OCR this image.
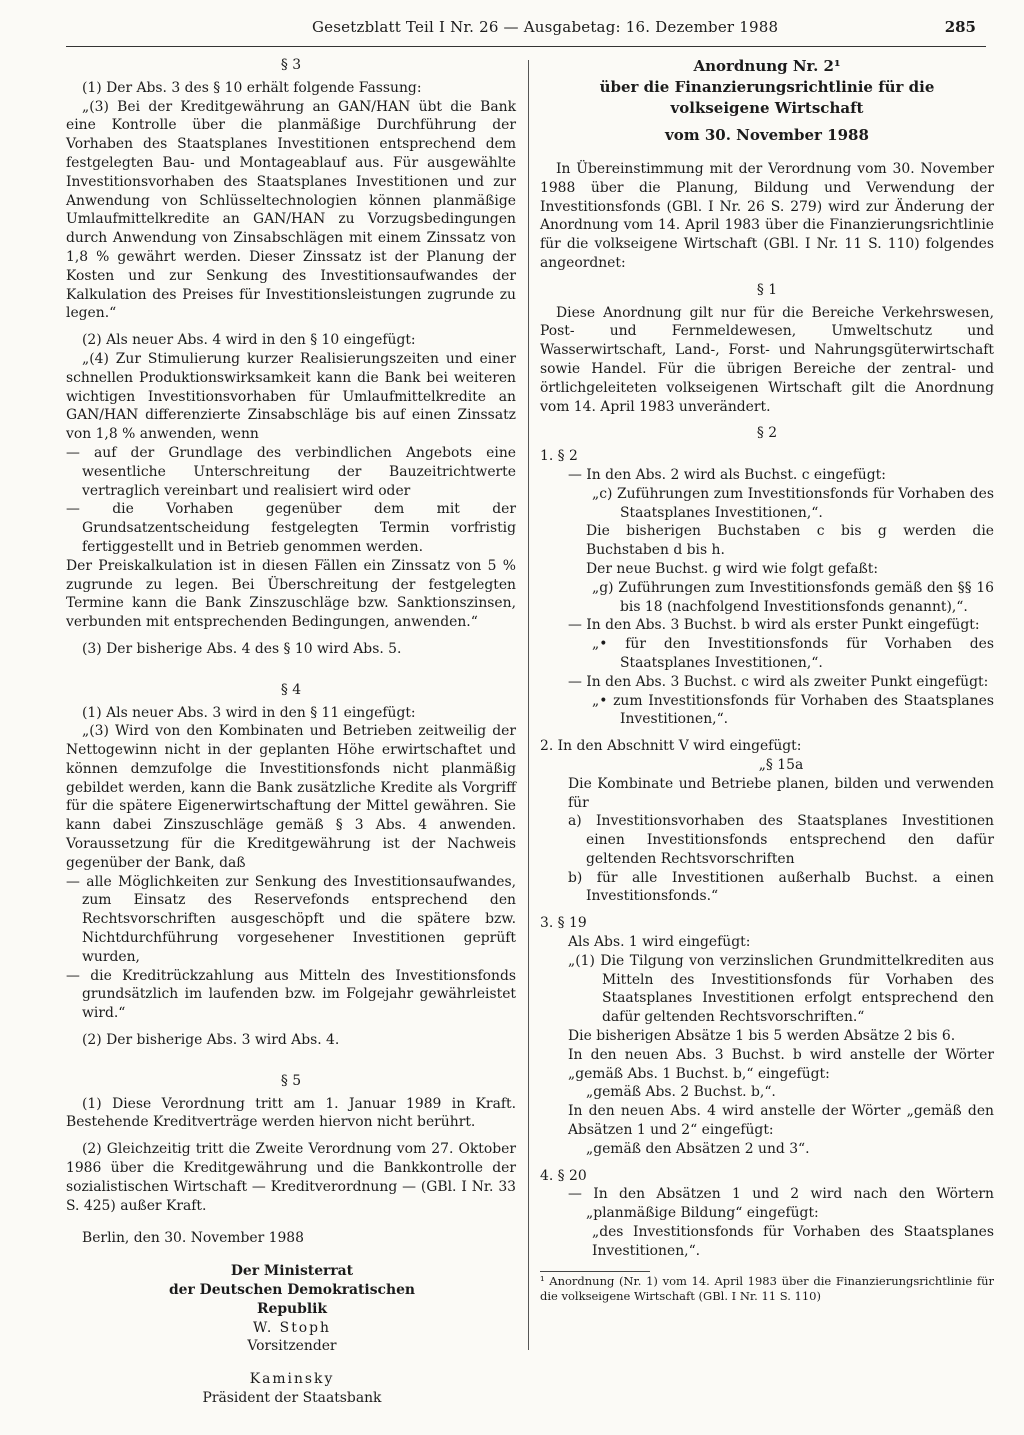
Gesetzblatt Teil I Nr. 26 — Ausgabetag: 16. Dezember 1988	285

§ 3

(1) Der Abs. 3 des § 10 erhält folgende Fassung:

„(3) Bei der Kreditgewährung an GAN/HAN übt die Bank eine Kontrolle über die planmäßige Durchführung der Vorhaben des Staatsplanes Investitionen entsprechend dem festgelegten Bau- und Montageablauf aus. Für ausgewählte Investitionsvorhaben des Staatsplanes Investitionen und zur Anwendung von Schlüsseltechnologien können planmäßige Umlaufmittelkredite an GAN/HAN zu Vorzugsbedingungen durch Anwendung von Zinsabschlägen mit einem Zinssatz von 1,8 % gewährt werden. Dieser Zinssatz ist der Planung der Kosten und zur Senkung des Investitionsaufwandes der Kalkulation des Preises für Investitionsleistungen zugrunde zu legen.“

(2) Als neuer Abs. 4 wird in den § 10 eingefügt:

„(4) Zur Stimulierung kurzer Realisierungszeiten und einer schnellen Produktionswirksamkeit kann die Bank bei weiteren wichtigen Investitionsvorhaben für Umlaufmittelkredite an GAN/HAN differenzierte Zinsabschläge bis auf einen Zinssatz von 1,8 % anwenden, wenn

— auf der Grundlage des verbindlichen Angebots eine wesentliche Unterschreitung der Bauzeitrichtwerte vertraglich vereinbart und realisiert wird oder

— die Vorhaben gegenüber dem mit der Grundsatzentscheidung festgelegten Termin vorfristig fertiggestellt und in Betrieb genommen werden.

Der Preiskalkulation ist in diesen Fällen ein Zinssatz von 5 % zugrunde zu legen. Bei Überschreitung der festgelegten Termine kann die Bank Zinszuschläge bzw. Sanktionszinsen, verbunden mit entsprechenden Bedingungen, anwenden.“

(3) Der bisherige Abs. 4 des § 10 wird Abs. 5.

§ 4

(1) Als neuer Abs. 3 wird in den § 11 eingefügt:

„(3) Wird von den Kombinaten und Betrieben zeitweilig der Nettogewinn nicht in der geplanten Höhe erwirtschaftet und können demzufolge die Investitionsfonds nicht planmäßig gebildet werden, kann die Bank zusätzliche Kredite als Vorgriff für die spätere Eigenerwirtschaftung der Mittel gewähren. Sie kann dabei Zinszuschläge gemäß § 3 Abs. 4 anwenden. Voraussetzung für die Kreditgewährung ist der Nachweis gegenüber der Bank, daß

— alle Möglichkeiten zur Senkung des Investitionsaufwandes, zum Einsatz des Reservefonds entsprechend den Rechtsvorschriften ausgeschöpft und die spätere bzw. Nichtdurchführung vorgesehener Investitionen geprüft wurden,

— die Kreditrückzahlung aus Mitteln des Investitionsfonds grundsätzlich im laufenden bzw. im Folgejahr gewährleistet wird.“

(2) Der bisherige Abs. 3 wird Abs. 4.

§ 5

(1) Diese Verordnung tritt am 1. Januar 1989 in Kraft. Bestehende Kreditverträge werden hiervon nicht berührt.

(2) Gleichzeitig tritt die Zweite Verordnung vom 27. Oktober 1986 über die Kreditgewährung und die Bankkontrolle der sozialistischen Wirtschaft — Kreditverordnung — (GBl. I Nr. 33 S. 425) außer Kraft.

Berlin, den 30. November 1988

Der Ministerrat

der Deutschen Demokratischen Republik

W. Stoph

Vorsitzender

Kaminsky

Präsident der Staatsbank

Anordnung Nr. 2¹

über die Finanzierungsrichtlinie für die

volkseigene Wirtschaft

vom 30. November 1988

In Übereinstimmung mit der Verordnung vom 30. November 1988 über die Planung, Bildung und Verwendung der Investitionsfonds (GBl. I Nr. 26 S. 279) wird zur Änderung der Anordnung vom 14. April 1983 über die Finanzierungsrichtlinie für die volkseigene Wirtschaft (GBl. I Nr. 11 S. 110) folgendes angeordnet:

§ 1

Diese Anordnung gilt nur für die Bereiche Verkehrswesen, Post- und Fernmeldewesen, Umweltschutz und Wasserwirtschaft, Land-, Forst- und Nahrungsgüterwirtschaft sowie Handel. Für die übrigen Bereiche der zentral- und örtlichgeleiteten volkseigenen Wirtschaft gilt die Anordnung vom 14. April 1983 unverändert.

§ 2

1. § 2

— In den Abs. 2 wird als Buchst. c eingefügt:

„c) Zuführungen zum Investitionsfonds für Vorhaben des Staatsplanes Investitionen,“.

Die bisherigen Buchstaben c bis g werden die Buchstaben d bis h.

Der neue Buchst. g wird wie folgt gefaßt:

„g) Zuführungen zum Investitionsfonds gemäß den §§ 16 bis 18 (nachfolgend Investitionsfonds genannt),“.

— In den Abs. 3 Buchst. b wird als erster Punkt eingefügt:

„• für den Investitionsfonds für Vorhaben des Staatsplanes Investitionen,“.

— In den Abs. 3 Buchst. c wird als zweiter Punkt eingefügt:

„• zum Investitionsfonds für Vorhaben des Staatsplanes Investitionen,“.

2. In den Abschnitt V wird eingefügt:

„§ 15a

Die Kombinate und Betriebe planen, bilden und verwenden für

a) Investitionsvorhaben des Staatsplanes Investitionen einen Investitionsfonds entsprechend den dafür geltenden Rechtsvorschriften

b) für alle Investitionen außerhalb Buchst. a einen Investitionsfonds.“

3. § 19

Als Abs. 1 wird eingefügt:

„(1) Die Tilgung von verzinslichen Grundmittelkrediten aus Mitteln des Investitionsfonds für Vorhaben des Staatsplanes Investitionen erfolgt entsprechend den dafür geltenden Rechtsvorschriften.“

Die bisherigen Absätze 1 bis 5 werden Absätze 2 bis 6.

In den neuen Abs. 3 Buchst. b wird anstelle der Wörter „gemäß Abs. 1 Buchst. b,“ eingefügt:

„gemäß Abs. 2 Buchst. b,“.

In den neuen Abs. 4 wird anstelle der Wörter „gemäß den Absätzen 1 und 2“ eingefügt:

„gemäß den Absätzen 2 und 3“.

4. § 20

— In den Absätzen 1 und 2 wird nach den Wörtern „planmäßige Bildung“ eingefügt:

„des Investitionsfonds für Vorhaben des Staatsplanes Investitionen,“.

¹ Anordnung (Nr. 1) vom 14. April 1983 über die Finanzierungsrichtlinie für die volkseigene Wirtschaft (GBl. I Nr. 11 S. 110)
